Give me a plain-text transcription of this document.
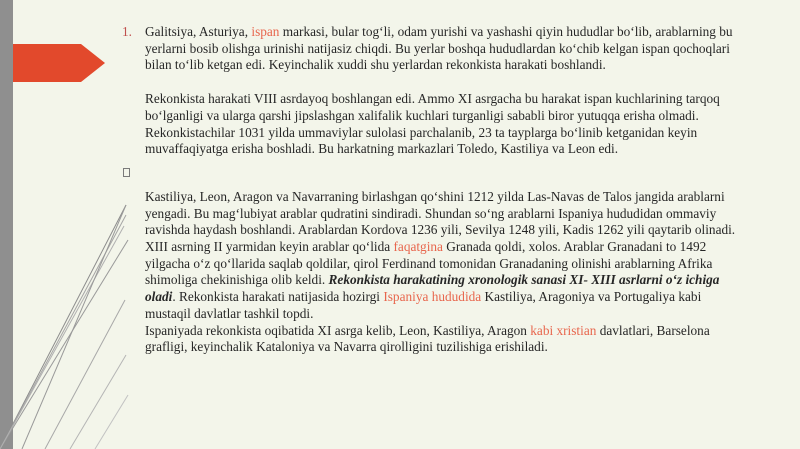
1. Galitsiya, Asturiya, ispan markasi, bular tog‘li, odam yurishi va yashashi qiyin hududlar bo‘lib, arablarning bu yerlarni bosib olishga urinishi natijasiz chiqdi. Bu yerlar boshqa hududlardan ko‘chib kelgan ispan qochoqlari bilan to‘lib ketgan edi. Keyinchalik xuddi shu yerlardan rekonkista harakati boshlandi.

Rekonkista harakati VIII asrdayoq boshlangan edi. Ammo XI asrgacha bu harakat ispan kuchlarining tarqoq bo‘lganligi va ularga qarshi jipslashgan xalifalik kuchlari turganligi sababli biror yutuqqa erisha olmadi. Rekonkistachilar 1031 yilda ummaviylar sulolasi parchalanib, 23 ta tayplarga bo‘linib ketganidan keyin muvaffaqiyatga erisha boshladi. Bu harkatning markazlari Toledo, Kastiliya va Leon edi.

Kastiliya, Leon, Aragon va Navarraning birlashgan qo‘shini 1212 yilda Las-Navas de Talos jangida arablarni yengadi. Bu mag‘lubiyat arablar qudratini sindiradi. Shundan so‘ng arablarni Ispaniya hududidan ommaviy ravishda haydash boshlandi. Arablardan Kordova 1236 yili, Sevilya 1248 yili, Kadis 1262 yili qaytarib olinadi. XIII asrning II yarmidan keyin arablar qo‘lida faqatgina Granada qoldi, xolos. Arablar Granadani to 1492 yilgacha o‘z qo‘llarida saqlab qoldilar, qirol Ferdinand tomonidan Granadaning olinishi arablarning Afrika shimoliga chekinishiga olib keldi. Rekonkista harakatining xronologik sanasi XI- XIII asrlarni o‘z ichiga oladi. Rekonkista harakati natijasida hozirgi Ispaniya hududida Kastiliya, Aragoniya va Portugaliya kabi mustaqil davlatlar tashkil topdi.

Ispaniyada rekonkista oqibatida XI asrga kelib, Leon, Kastiliya, Aragon kabi xristian davlatlari, Barselona grafligi, keyinchalik Kataloniya va Navarra qirolligini tuzilishiga erishiladi.
